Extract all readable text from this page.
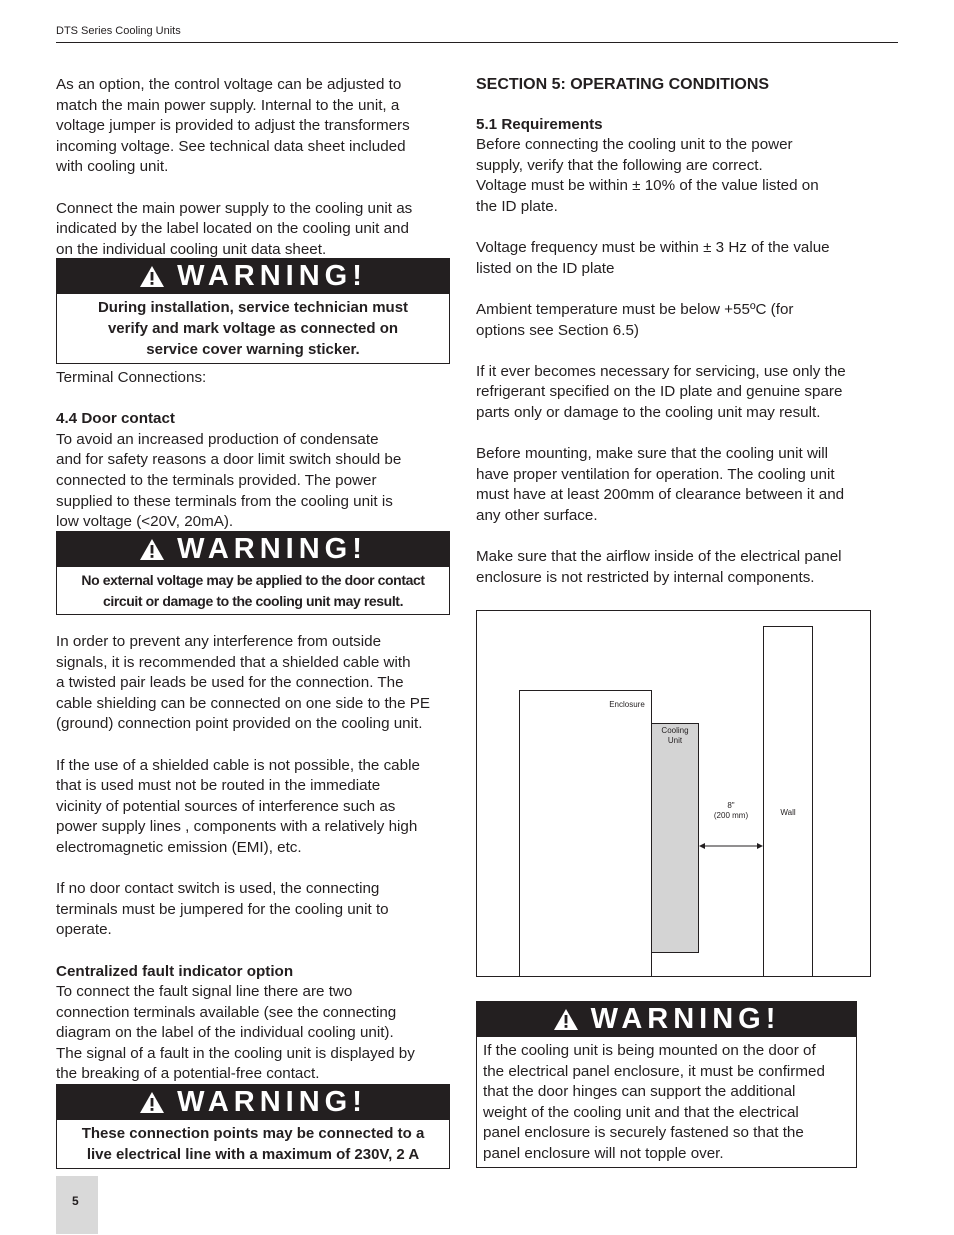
DTS Series Cooling Units

As an option, the control voltage can be adjusted to
match the main power supply. Internal to the unit, a
voltage jumper is provided to adjust the transformers
incoming voltage. See technical data sheet included
with cooling unit.

Connect the main power supply to the cooling unit as
indicated by the label located on the cooling unit and
on the individual cooling unit data sheet.

WARNING!
During installation, service technician must
verify and mark voltage as connected on
service cover warning sticker.

Terminal Connections:

4.4 Door contact

To avoid an increased production of condensate
and for safety reasons a door limit switch should be
connected to the terminals provided. The power
supplied to these terminals from the cooling unit is
low voltage (<20V, 20mA).

WARNING!
No external voltage may be applied to the door contact
circuit or damage to the cooling unit may result.

In order to prevent any interference from outside
signals, it is recommended that a shielded cable with
a twisted pair leads be used for the connection. The
cable shielding can be connected on one side to the PE
(ground) connection point provided on the cooling unit.

If the use of a shielded cable is not possible, the cable
that is used must not be routed in the immediate
vicinity of potential sources of interference such as
power supply lines , components with a relatively high
electromagnetic emission (EMI), etc.

If no door contact switch is used, the connecting
terminals must be jumpered for the cooling unit to
operate.

Centralized fault indicator option

To connect the fault signal line there are two
connection terminals available (see the connecting
diagram on the label of the individual cooling unit).
The signal of a fault in the cooling unit is displayed by
the breaking of a potential-free contact.

WARNING!
These connection points may be connected to a
live electrical line with a maximum of 230V, 2 A

SECTION 5: OPERATING CONDITIONS

5.1 Requirements

Before connecting the cooling unit to the power
supply, verify that the following are correct.
Voltage must be within ± 10% of the value listed on
the ID plate.

Voltage frequency must be within ± 3 Hz of the value
listed on the ID plate

Ambient temperature must be below +55ºC (for
options see Section 6.5)

If it ever becomes necessary for servicing, use only the
refrigerant specified on the ID plate and genuine spare
parts only or damage to the cooling unit may result.

Before mounting, make sure that the cooling unit will
have proper ventilation for operation. The cooling unit
must have at least 200mm of clearance between it and
any other surface.

Make sure that the airflow inside of the electrical panel
enclosure is not restricted by internal components.

Enclosure
Cooling
Unit
Wall
8"
(200 mm)
WARNING!
If the cooling unit is being mounted on the door of
the electrical panel enclosure, it must be confirmed
that the door hinges can support the additional
weight of the cooling unit and that the electrical
panel enclosure is securely fastened so that the
panel enclosure will not topple over.
5
